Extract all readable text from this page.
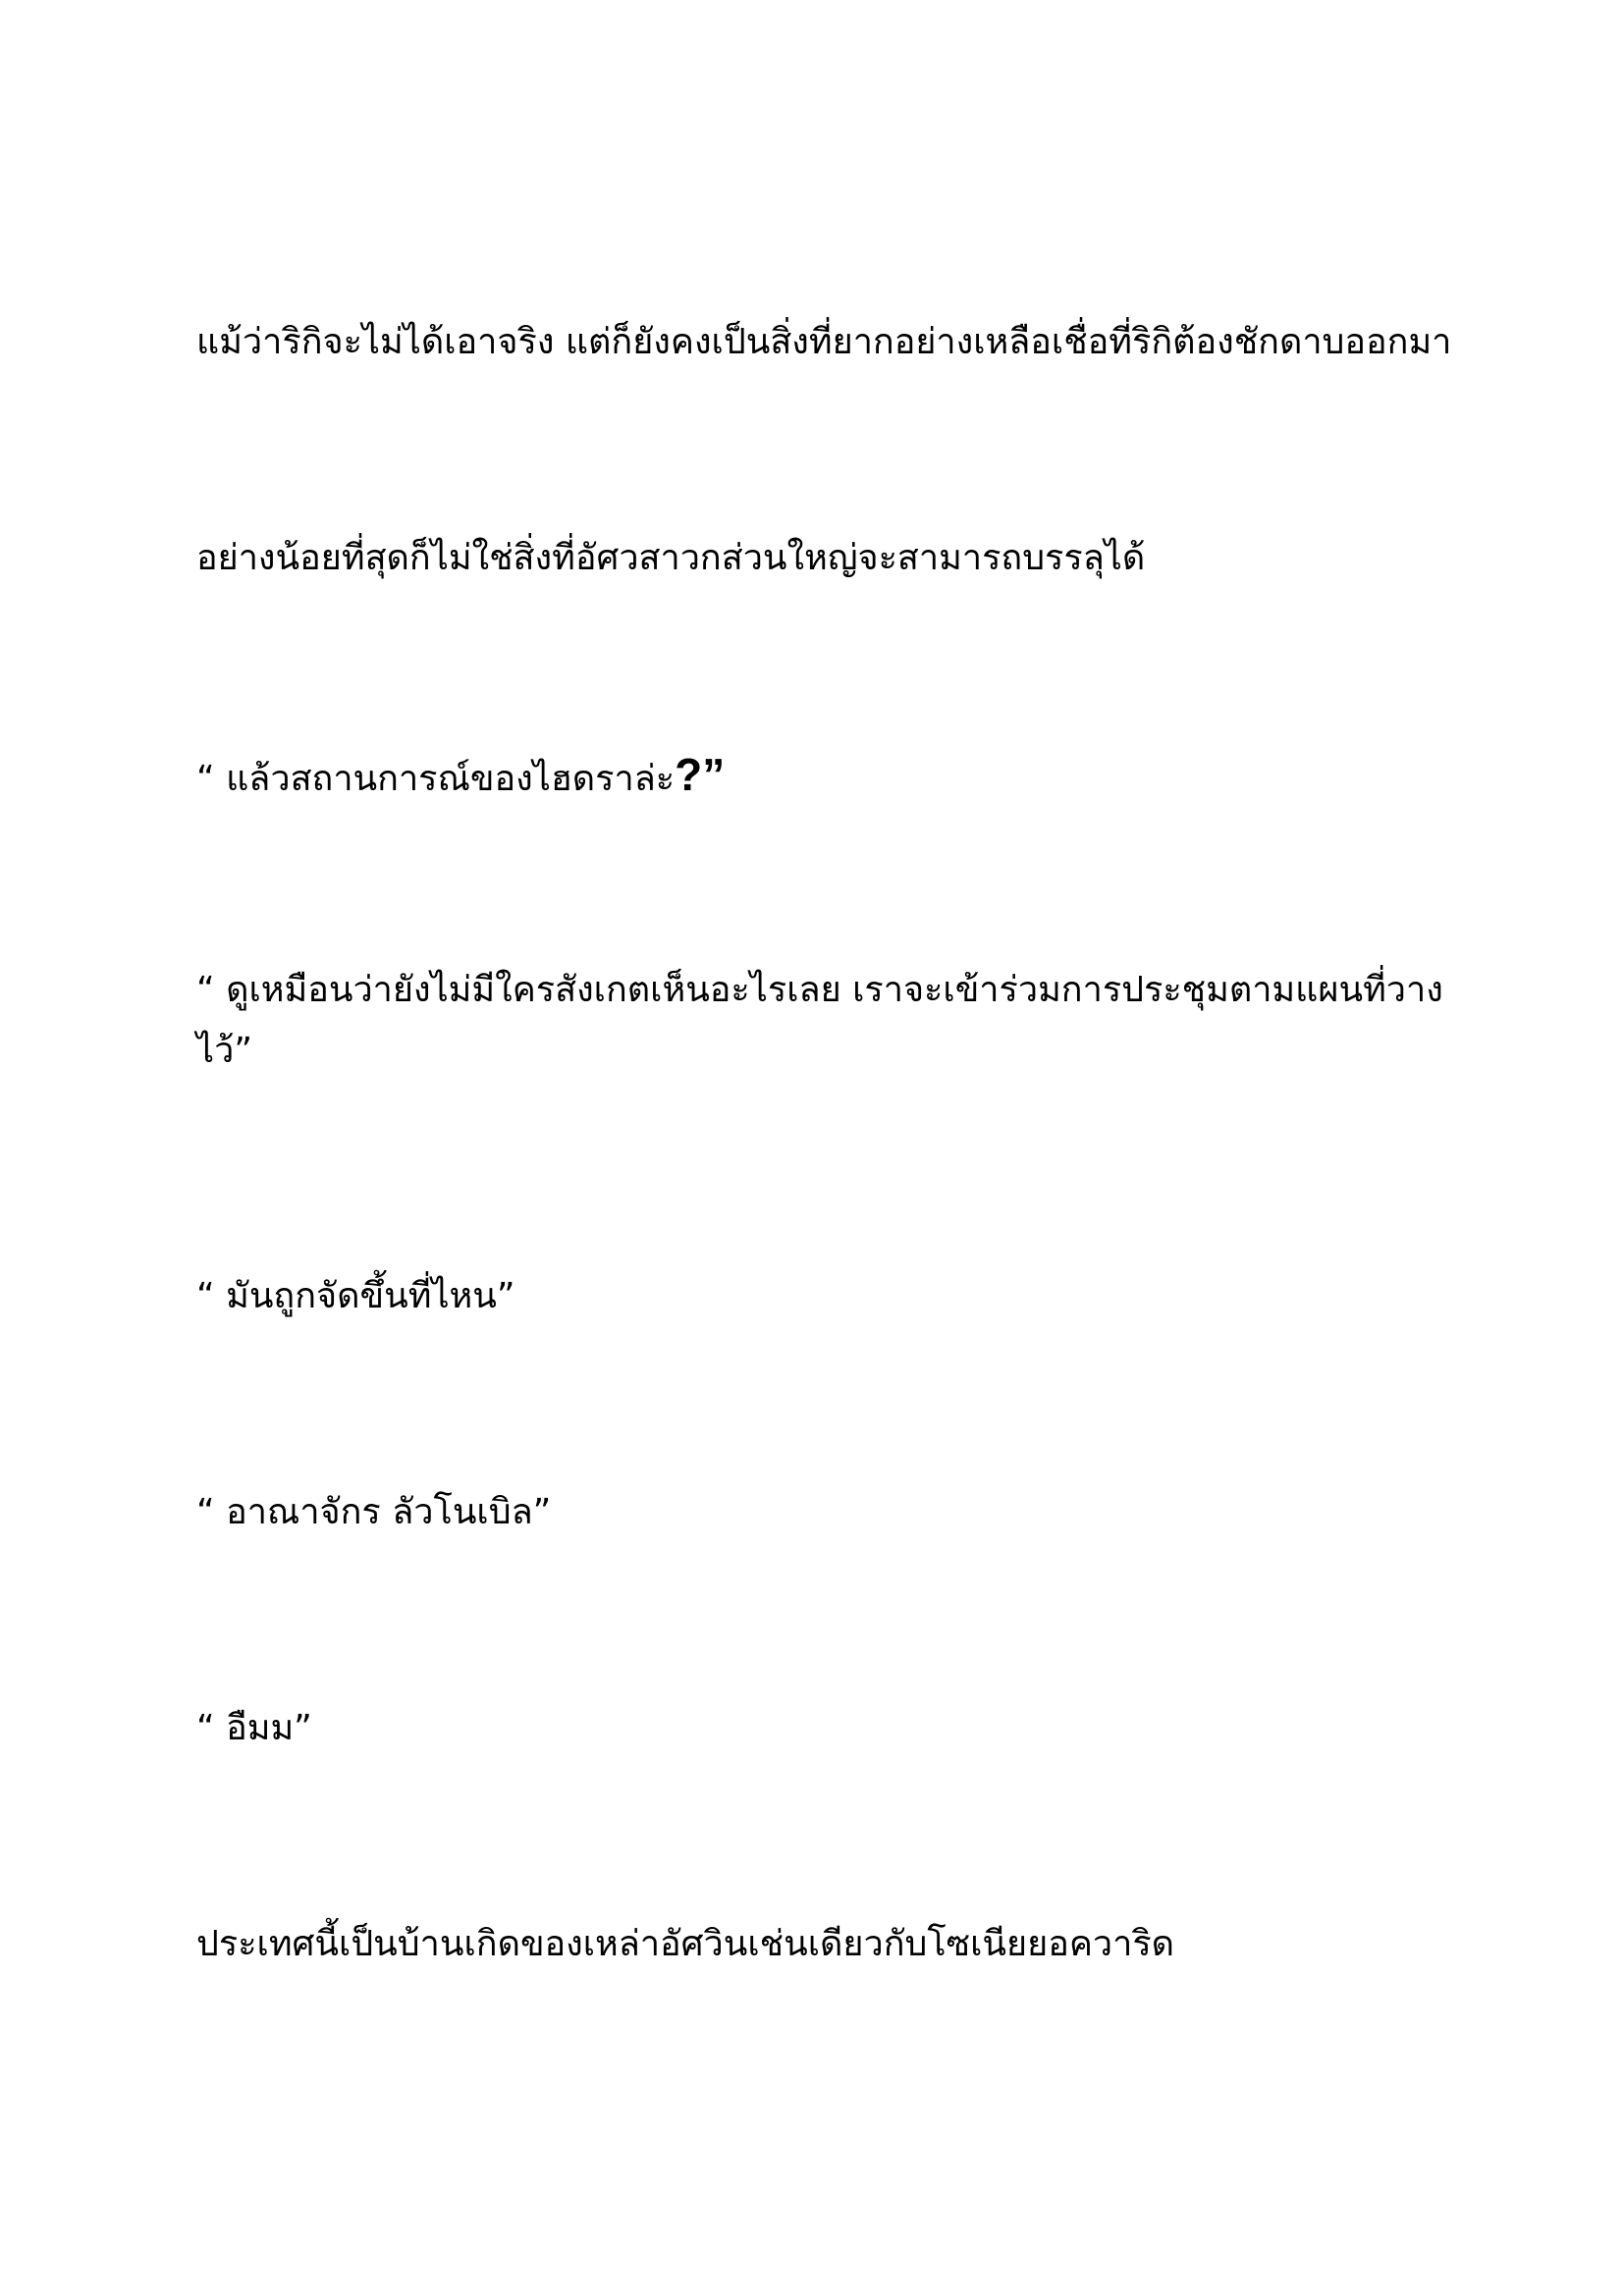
แม้ว่าริกิจะไม่ได้เอาจริง แต่ก็ยังคงเป็นสิ่งที่ยากอย่างเหลือเชื่อที่ริกิต้องชักดาบออกมา

อย่างน้อยที่สุดก็ไม่ใช่สิ่งที่อัศวสาวกส่วนใหญ่จะสามารถบรรลุได้

“ แล้วสถานการณ์ของไฮดราล่ะ?”

“ ดูเหมือนว่ายังไม่มีใครสังเกตเห็นอะไรเลย เราจะเข้าร่วมการประชุมตามแผนที่วาง ไว้”

“ มันถูกจัดขึ้นที่ไหน”

“ อาณาจักร ลัวโนเบิล”

“ อืมม”

ประเทศนี้เป็นบ้านเกิดของเหล่าอัศวินเช่นเดียวกับโซเนียยอควาริด
